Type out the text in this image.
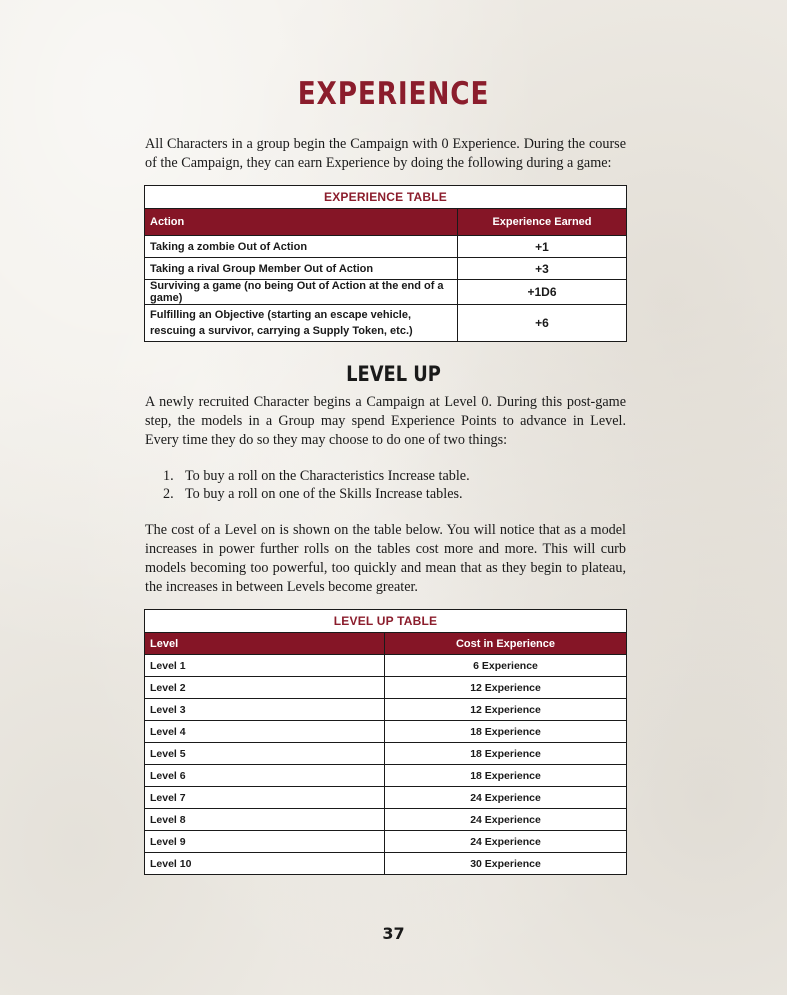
EXPERIENCE

All Characters in a group begin the Campaign with 0 Experience. During the course of the Campaign, they can earn Experience by doing the following during a game:

EXPERIENCE TABLE	
Action	Experience Earned
Taking a zombie Out of Action	+1
Taking a rival Group Member Out of Action	+3
Surviving a game (no being Out of Action at the end of a game)	+1D6
Fulfilling an Objective (starting an escape vehicle, rescuing a survivor, carrying a Supply Token, etc.)	+6
LEVEL UP

A newly recruited Character begins a Campaign at Level 0. During this post-game step, the models in a Group may spend Experience Points to advance in Level. Every time they do so they may choose to do one of two things:

1. To buy a roll on the Characteristics Increase table.
2. To buy a roll on one of the Skills Increase tables.

The cost of a Level on is shown on the table below. You will notice that as a model increases in power further rolls on the tables cost more and more. This will curb models becoming too powerful, too quickly and mean that as they begin to plateau, the increases in between Levels become greater.

LEVEL UP TABLE	
Level	Cost in Experience
Level 1	6 Experience
Level 2	12 Experience
Level 3	12 Experience
Level 4	18 Experience
Level 5	18 Experience
Level 6	18 Experience
Level 7	24 Experience
Level 8	24 Experience
Level 9	24 Experience
Level 10	30 Experience
37
